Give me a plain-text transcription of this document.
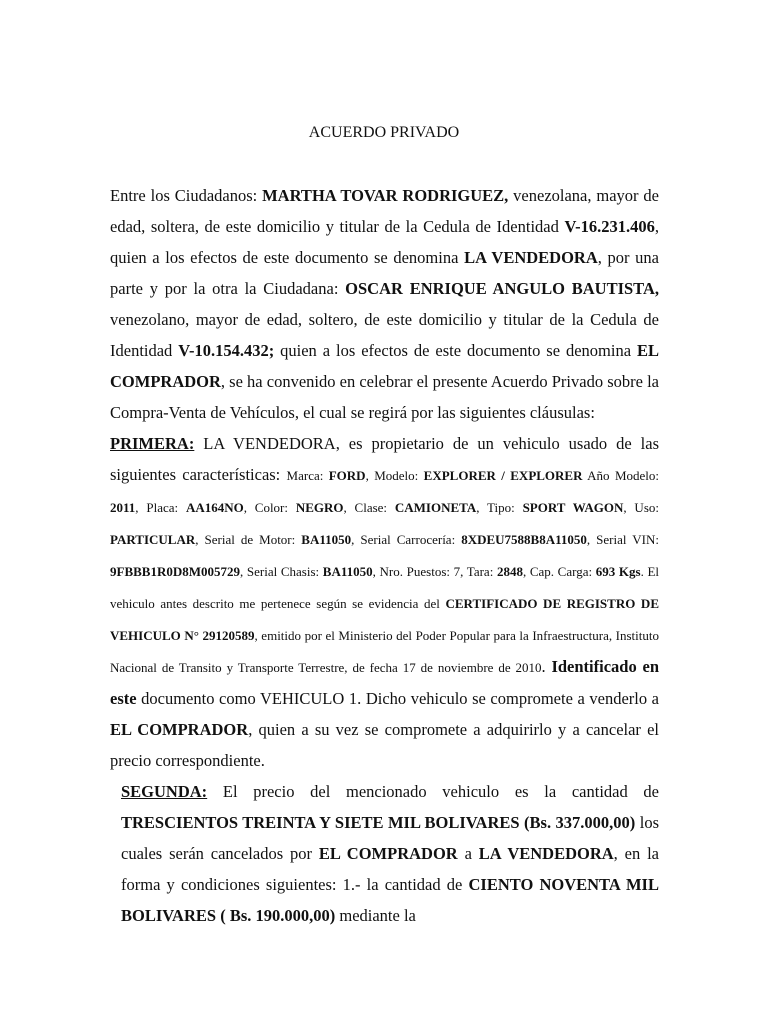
ACUERDO PRIVADO

Entre los Ciudadanos: MARTHA TOVAR RODRIGUEZ, venezolana, mayor de edad, soltera, de este domicilio y titular de la Cedula de Identidad V-16.231.406, quien a los efectos de este documento se denomina LA VENDEDORA, por una parte y por la otra la Ciudadana: OSCAR ENRIQUE ANGULO BAUTISTA, venezolano, mayor de edad, soltero, de este domicilio y titular de la Cedula de Identidad V-10.154.432; quien a los efectos de este documento se denomina EL COMPRADOR, se ha convenido en celebrar el presente Acuerdo Privado sobre la Compra-Venta de Vehículos, el cual se regirá por las siguientes cláusulas:

PRIMERA: LA VENDEDORA, es propietario de un vehiculo usado de las siguientes características: Marca: FORD, Modelo: EXPLORER / EXPLORER Año Modelo: 2011, Placa: AA164NO, Color: NEGRO, Clase: CAMIONETA, Tipo: SPORT WAGON, Uso: PARTICULAR, Serial de Motor: BA11050, Serial Carrocería: 8XDEU7588B8A11050, Serial VIN: 9FBBB1R0D8M005729, Serial Chasis: BA11050, Nro. Puestos: 7, Tara: 2848, Cap. Carga: 693 Kgs. El vehiculo antes descrito me pertenece según se evidencia del CERTIFICADO DE REGISTRO DE VEHICULO N° 29120589, emitido por el Ministerio del Poder Popular para la Infraestructura, Instituto Nacional de Transito y Transporte Terrestre, de fecha 17 de noviembre de 2010. Identificado en este documento como VEHICULO 1. Dicho vehiculo se compromete a venderlo a EL COMPRADOR, quien a su vez se compromete a adquirirlo y a cancelar el precio correspondiente.

SEGUNDA: El precio del mencionado vehiculo es la cantidad de TRESCIENTOS TREINTA Y SIETE MIL BOLIVARES (Bs. 337.000,00) los cuales serán cancelados por EL COMPRADOR a LA VENDEDORA, en la forma y condiciones siguientes: 1.- la cantidad de CIENTO NOVENTA MIL BOLIVARES ( Bs. 190.000,00) mediante la
